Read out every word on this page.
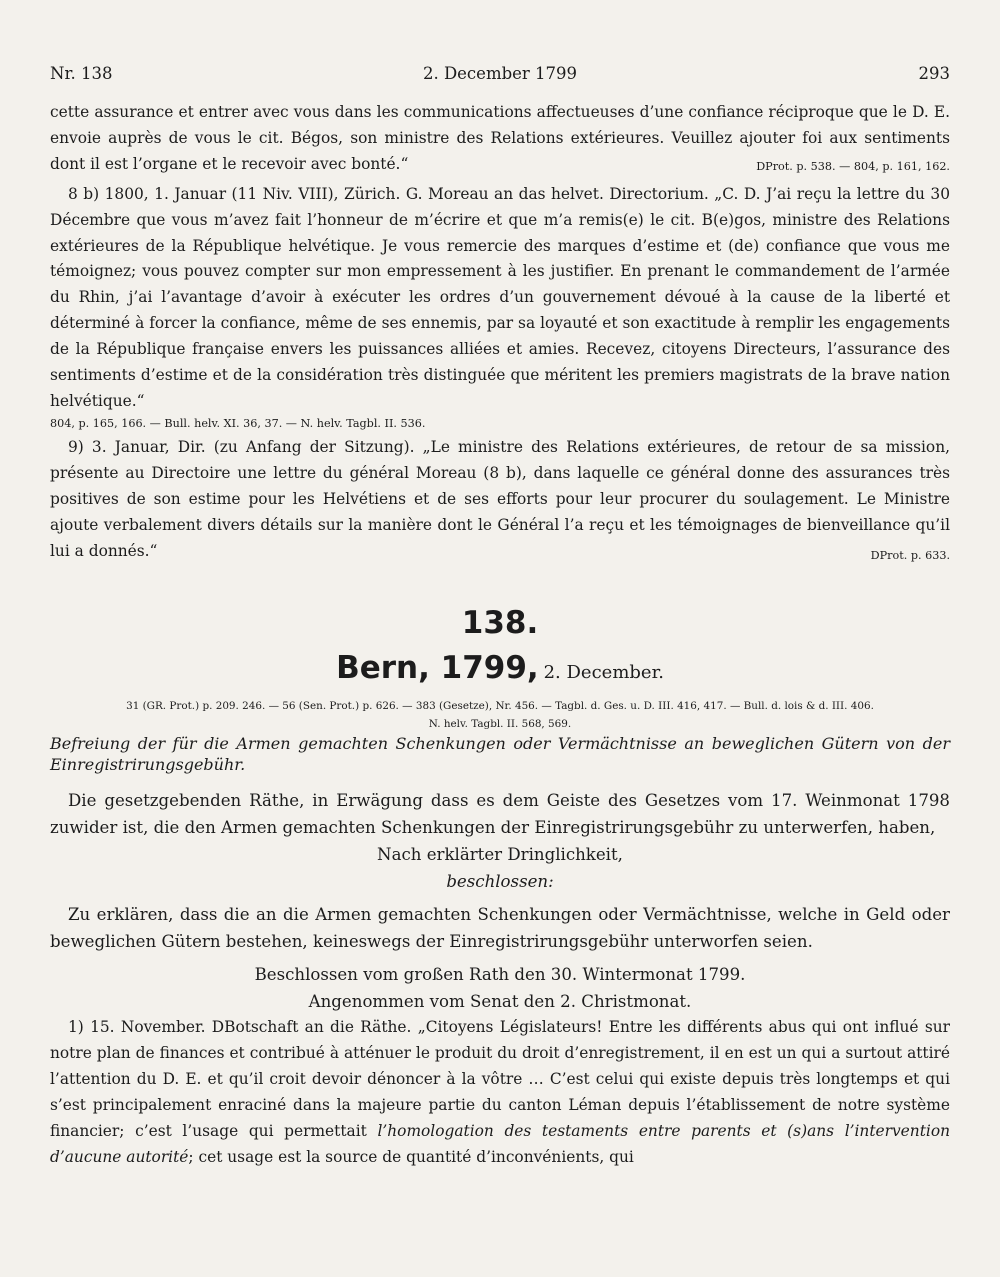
Nr. 138	2. December 1799	293

cette assurance et entrer avec vous dans les communications affectueuses d’une confiance réciproque que le D. E. envoie auprès de vous le cit. Bégos, son ministre des Relations extérieures. Veuillez ajouter foi aux sentiments dont il est l’organe et le recevoir avec bonté.“	DProt. p. 538. — 804, p. 161, 162.

8 b) 1800, 1. Januar (11 Niv. VIII), Zürich. G. Moreau an das helvet. Directorium. „C. D. J’ai reçu la lettre du 30 Décembre que vous m’avez fait l’honneur de m’écrire et que m’a remis(e) le cit. B(e)gos, ministre des Relations extérieures de la République helvétique. Je vous remercie des marques d’estime et (de) confiance que vous me témoignez; vous pouvez compter sur mon empressement à les justifier. En prenant le commandement de l’armée du Rhin, j’ai l’avantage d’avoir à exécuter les ordres d’un gouvernement dévoué à la cause de la liberté et déterminé à forcer la confiance, même de ses ennemis, par sa loyauté et son exactitude à remplir les engagements de la République française envers les puissances alliées et amies. Recevez, citoyens Directeurs, l’assurance des sentiments d’estime et de la considération très distinguée que méritent les premiers magistrats de la brave nation helvétique.“

804, p. 165, 166. — Bull. helv. XI. 36, 37. — N. helv. Tagbl. II. 536.

9) 3. Januar, Dir. (zu Anfang der Sitzung). „Le ministre des Relations extérieures, de retour de sa mission, présente au Directoire une lettre du général Moreau (8 b), dans laquelle ce général donne des assurances très positives de son estime pour les Helvétiens et de ses efforts pour leur procurer du soulagement. Le Ministre ajoute verbalement divers détails sur la manière dont le Général l’a reçu et les témoignages de bienveillance qu’il lui a donnés.“	DProt. p. 633.

138.
Bern, 1799, 2. December.
31 (GR. Prot.) p. 209. 246. — 56 (Sen. Prot.) p. 626. — 383 (Gesetze), Nr. 456. — Tagbl. d. Ges. u. D. III. 416, 417. — Bull. d. lois & d. III. 406.
N. helv. Tagbl. II. 568, 569.

Befreiung der für die Armen gemachten Schenkungen oder Vermächtnisse an beweglichen Gütern von der Einregistrirungsgebühr.

Die gesetzgebenden Räthe, in Erwägung dass es dem Geiste des Gesetzes vom 17. Weinmonat 1798 zuwider ist, die den Armen gemachten Schenkungen der Einregistrirungsgebühr zu unterwerfen, haben,

Nach erklärter Dringlichkeit,

beschlossen:

Zu erklären, dass die an die Armen gemachten Schenkungen oder Vermächtnisse, welche in Geld oder beweglichen Gütern bestehen, keineswegs der Einregistrirungsgebühr unterworfen seien.

Beschlossen vom großen Rath den 30. Wintermonat 1799.

Angenommen vom Senat den 2. Christmonat.

1) 15. November. DBotschaft an die Räthe. „Citoyens Législateurs! Entre les différents abus qui ont influé sur notre plan de finances et contribué à atténuer le produit du droit d’enregistrement, il en est un qui a surtout attiré l’attention du D. E. et qu’il croit devoir dénoncer à la vôtre … C’est celui qui existe depuis très longtemps et qui s’est principalement enraciné dans la majeure partie du canton Léman depuis l’établissement de notre système financier; c’est l’usage qui permettait l’homologation des testaments entre parents et (s)ans l’intervention d’aucune autorité; cet usage est la source de quantité d’inconvénients, qui
